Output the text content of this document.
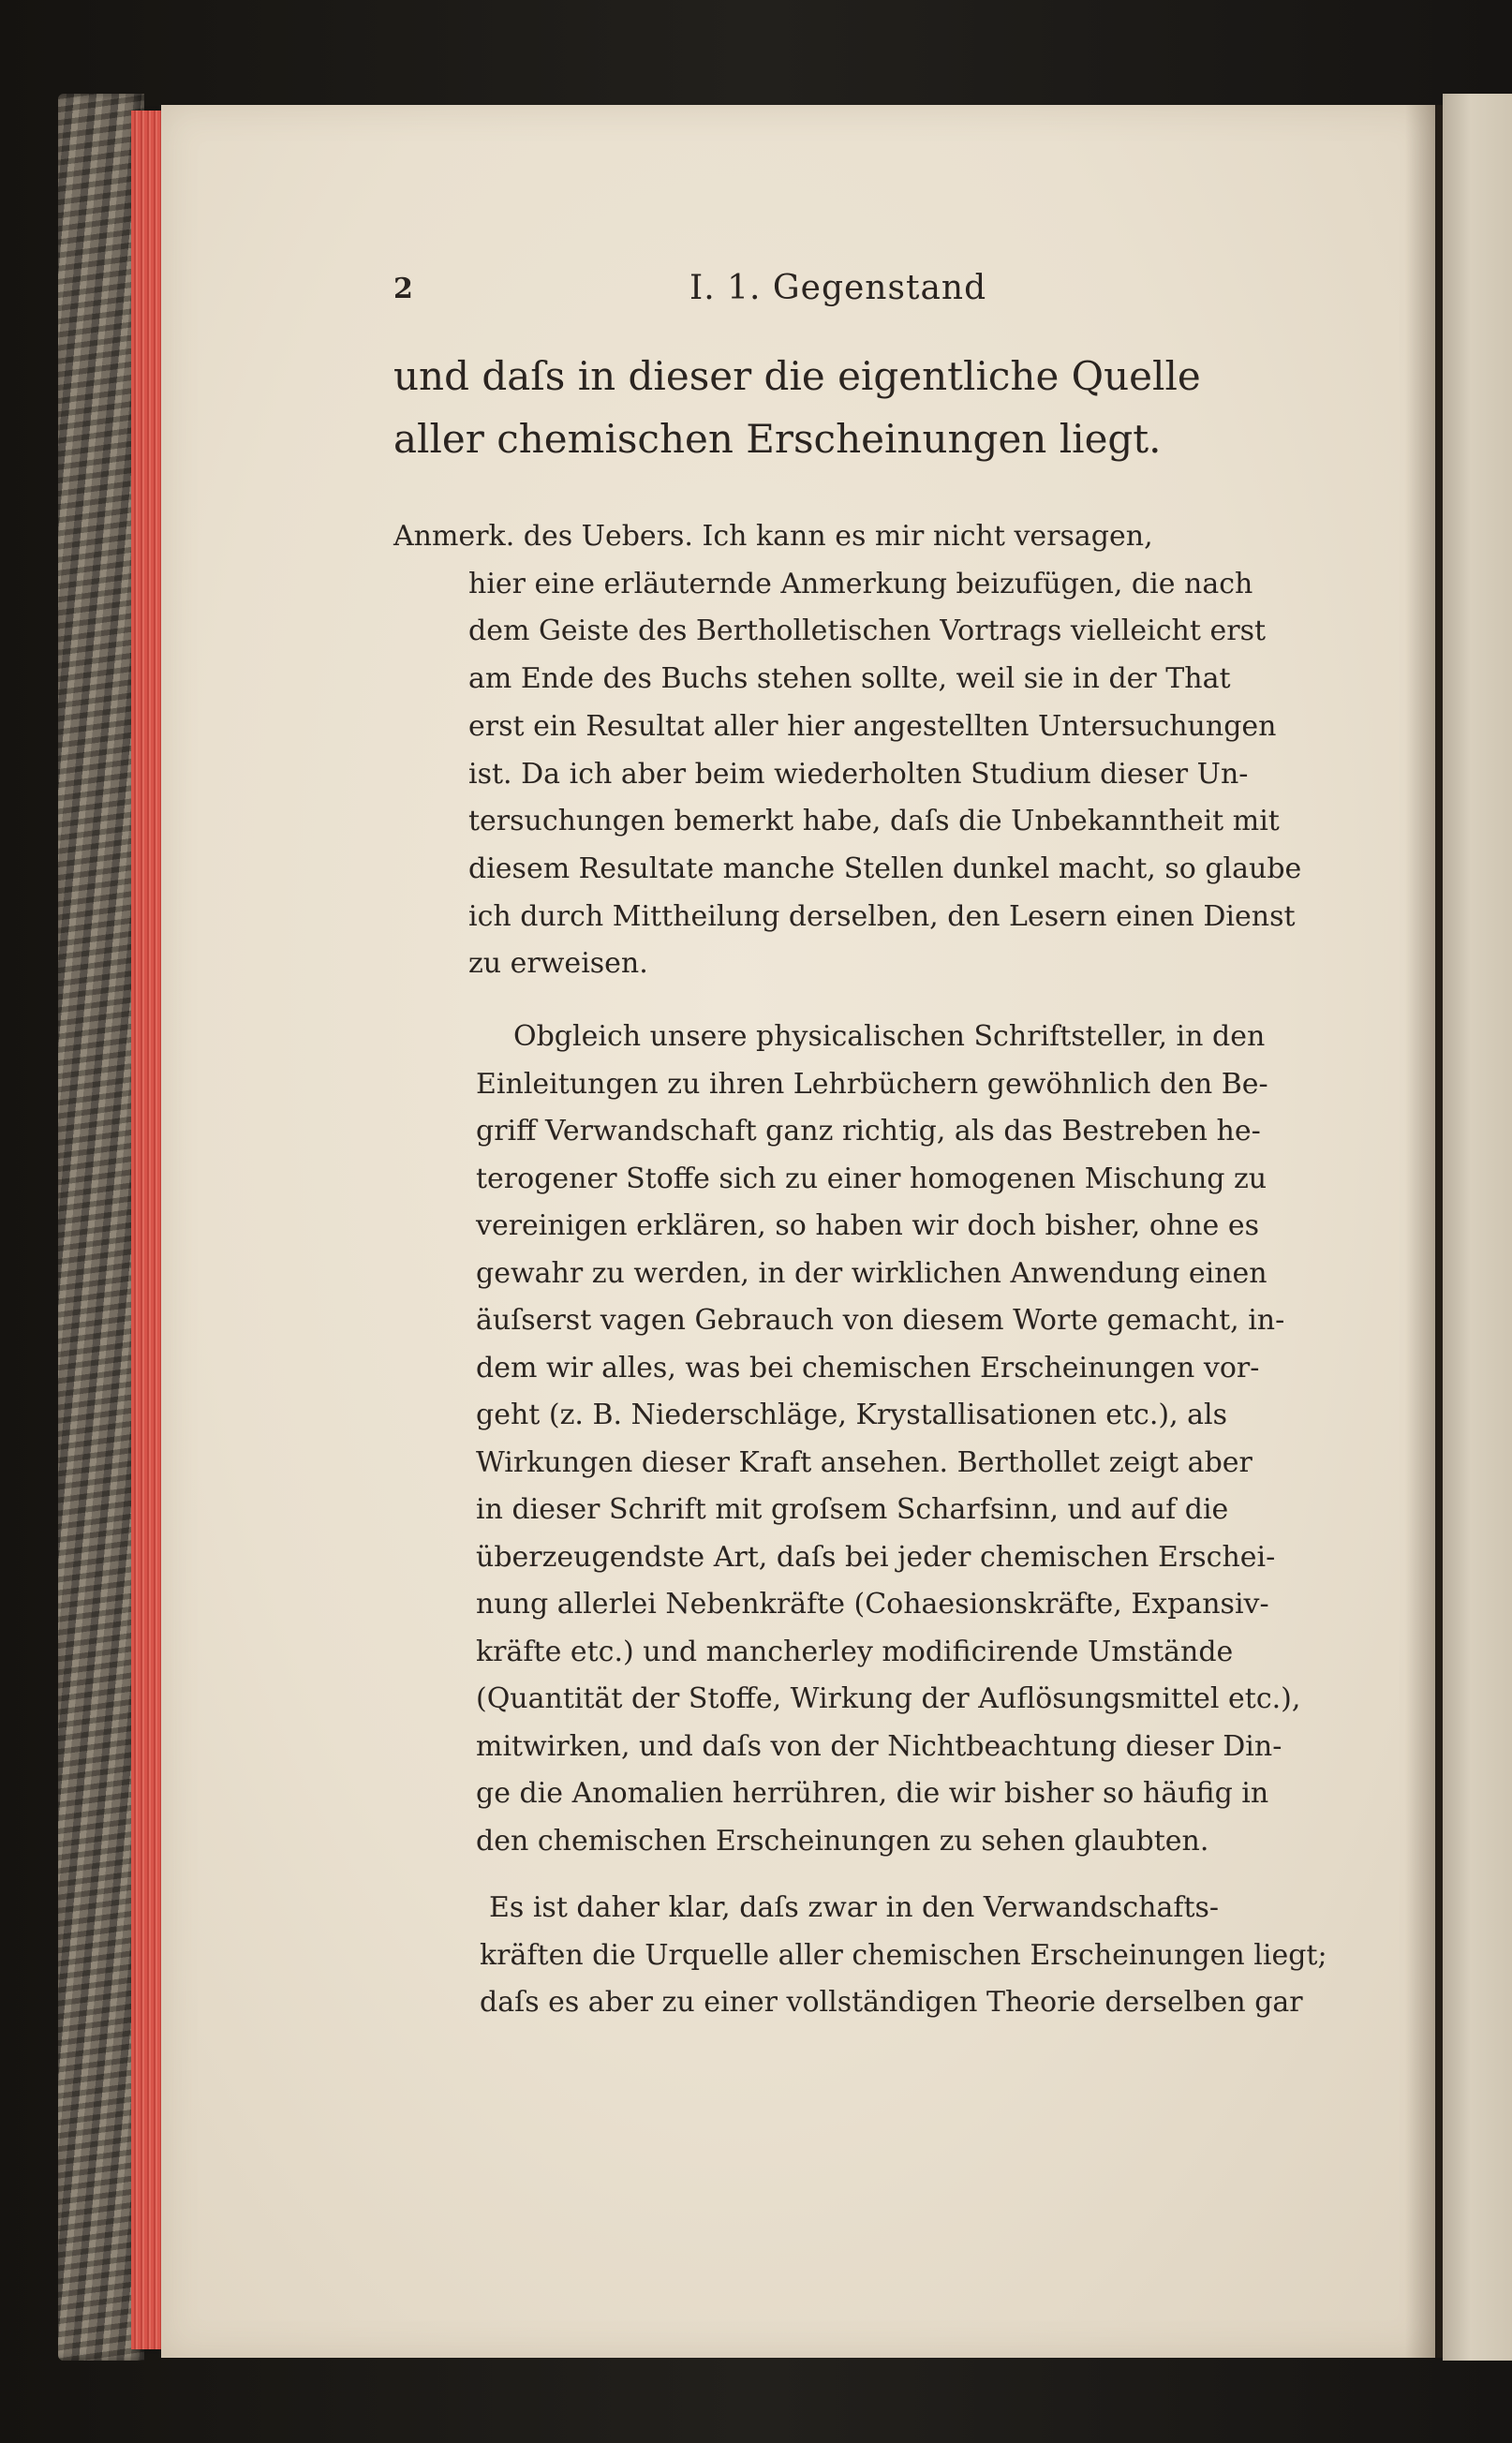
2	I. 1. Gegenstand
und daſs in dieser die eigentliche Quelle
aller chemischen Erscheinungen liegt.
Anmerk. des Uebers. Ich kann es mir nicht versagen,
hier eine erläuternde Anmerkung beizufügen, die nach
dem Geiste des Bertholletischen Vortrags vielleicht erst
am Ende des Buchs stehen sollte, weil sie in der That
erst ein Resultat aller hier angestellten Untersuchungen
ist. Da ich aber beim wiederholten Studium dieser Un-
tersuchungen bemerkt habe, daſs die Unbekanntheit mit
diesem Resultate manche Stellen dunkel macht, so glaube
ich durch Mittheilung derselben, den Lesern einen Dienst
zu erweisen.
Obgleich unsere physicalischen Schriftsteller, in den
Einleitungen zu ihren Lehrbüchern gewöhnlich den Be-
griff Verwandschaft ganz richtig, als das Bestreben he-
terogener Stoffe sich zu einer homogenen Mischung zu
vereinigen erklären, so haben wir doch bisher, ohne es
gewahr zu werden, in der wirklichen Anwendung einen
äuſserst vagen Gebrauch von diesem Worte gemacht, in-
dem wir alles, was bei chemischen Erscheinungen vor-
geht (z. B. Niederschläge, Krystallisationen etc.), als
Wirkungen dieser Kraft ansehen. Berthollet zeigt aber
in dieser Schrift mit groſsem Scharfsinn, und auf die
überzeugendste Art, daſs bei jeder chemischen Erschei-
nung allerlei Nebenkräfte (Cohaesionskräfte, Expansiv-
kräfte etc.) und mancherley modificirende Umstände
(Quantität der Stoffe, Wirkung der Auflösungsmittel etc.),
mitwirken, und daſs von der Nichtbeachtung dieser Din-
ge die Anomalien herrühren, die wir bisher so häufig in
den chemischen Erscheinungen zu sehen glaubten.
Es ist daher klar, daſs zwar in den Verwandschafts-
kräften die Urquelle aller chemischen Erscheinungen liegt;
daſs es aber zu einer vollständigen Theorie derselben gar
